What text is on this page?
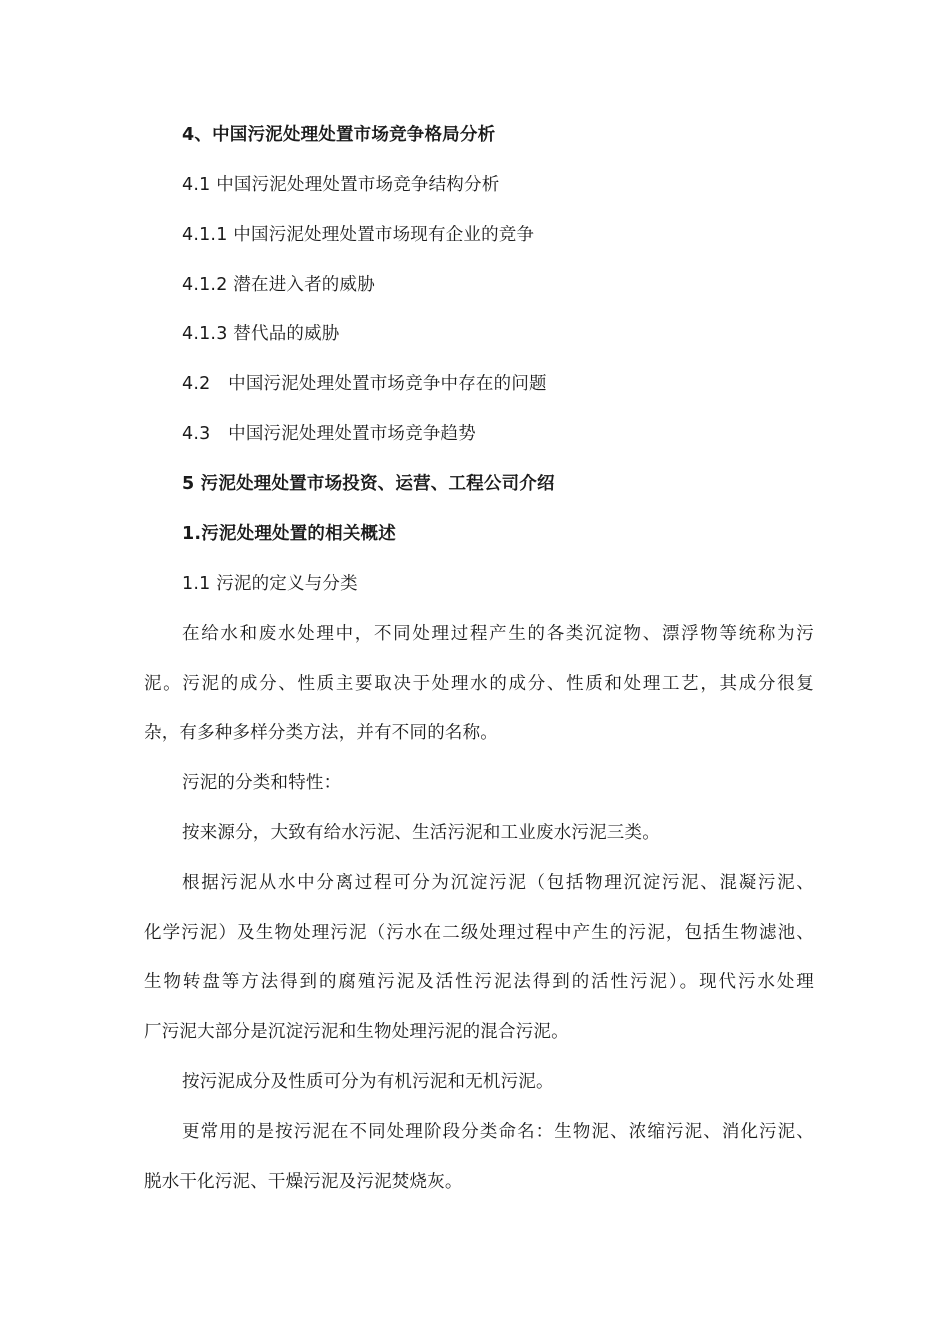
4、中国污泥处理处置市场竞争格局分析
4.1 中国污泥处理处置市场竞争结构分析
4.1.1 中国污泥处理处置市场现有企业的竞争
4.1.2 潜在进入者的威胁
4.1.3 替代品的威胁
4.2　中国污泥处理处置市场竞争中存在的问题
4.3　中国污泥处理处置市场竞争趋势
5 污泥处理处置市场投资、运营、工程公司介绍
1.污泥处理处置的相关概述
1.1 污泥的定义与分类
在给水和废水处理中，不同处理过程产生的各类沉淀物、漂浮物等统称为污
泥。污泥的成分、性质主要取决于处理水的成分、性质和处理工艺，其成分很复
杂，有多种多样分类方法，并有不同的名称。
污泥的分类和特性：
按来源分，大致有给水污泥、生活污泥和工业废水污泥三类。
根据污泥从水中分离过程可分为沉淀污泥（包括物理沉淀污泥、混凝污泥、
化学污泥）及生物处理污泥（污水在二级处理过程中产生的污泥，包括生物滤池、
生物转盘等方法得到的腐殖污泥及活性污泥法得到的活性污泥）。现代污水处理
厂污泥大部分是沉淀污泥和生物处理污泥的混合污泥。
按污泥成分及性质可分为有机污泥和无机污泥。
更常用的是按污泥在不同处理阶段分类命名：生物泥、浓缩污泥、消化污泥、
脱水干化污泥、干燥污泥及污泥焚烧灰。
